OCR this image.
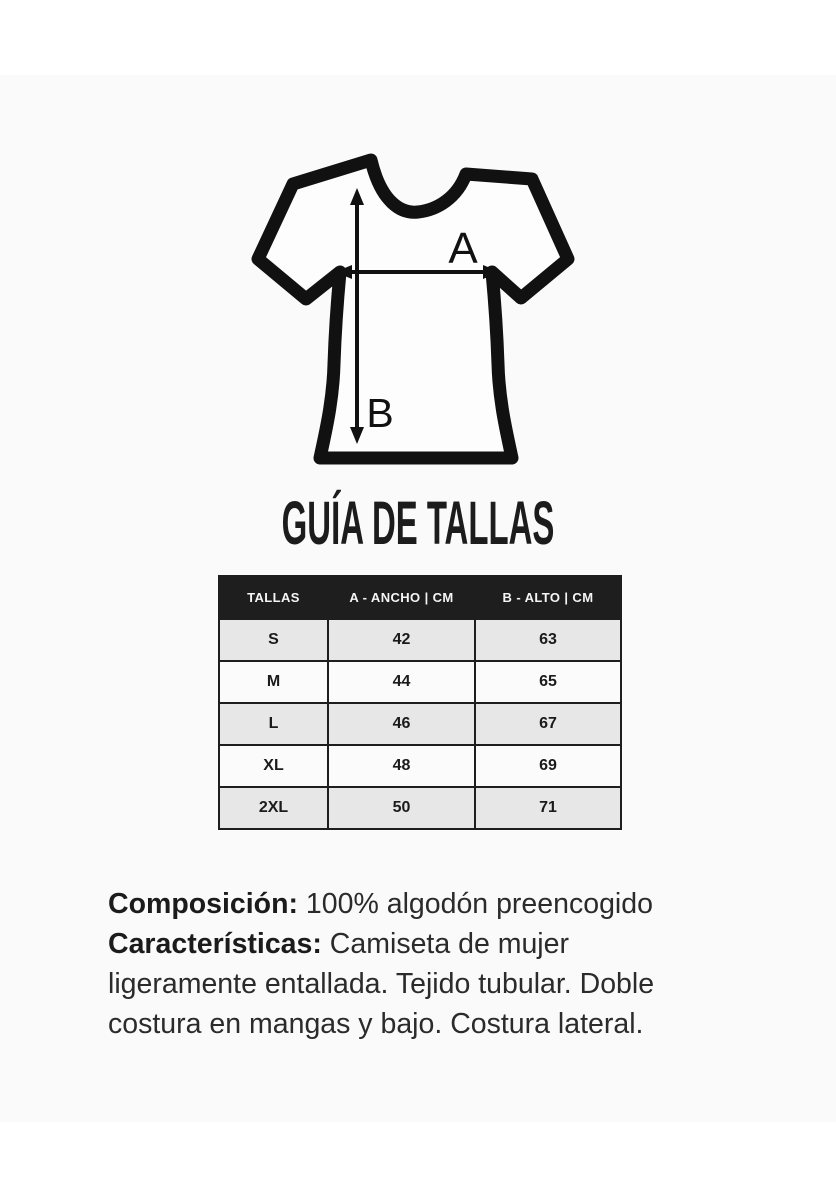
A
B
GUÍA DE TALLAS
TALLAS	A - ANCHO | CM	B - ALTO | CM
S	42	63
M	44	65
L	46	67
XL	48	69
2XL	50	71
Composición: 100% algodón preencogido
Características: Camiseta de mujer
ligeramente entallada. Tejido tubular. Doble
costura en mangas y bajo. Costura lateral.
